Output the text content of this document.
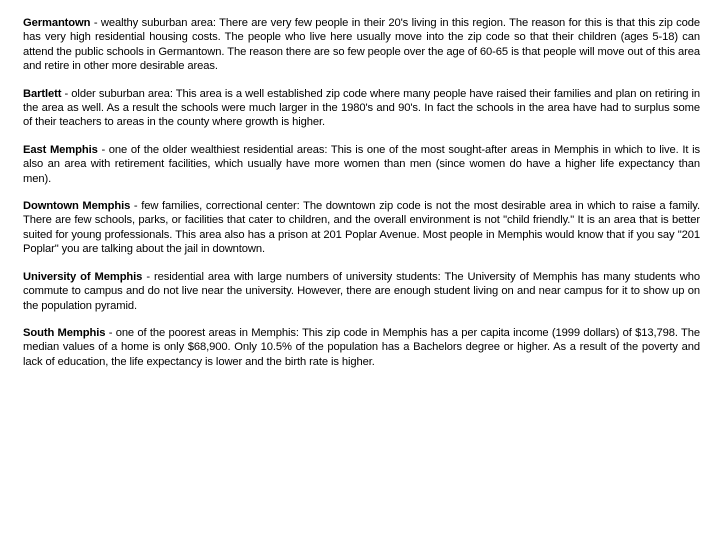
Germantown - wealthy suburban area: There are very few people in their 20's living in this region. The reason for this is that this zip code has very high residential housing costs. The people who live here usually move into the zip code so that their children (ages 5-18) can attend the public schools in Germantown. The reason there are so few people over the age of 60-65 is that people will move out of this area and retire in other more desirable areas.

Bartlett - older suburban area: This area is a well established zip code where many people have raised their families and plan on retiring in the area as well. As a result the schools were much larger in the 1980's and 90's. In fact the schools in the area have had to surplus some of their teachers to areas in the county where growth is higher.

East Memphis - one of the older wealthiest residential areas: This is one of the most sought-after areas in Memphis in which to live. It is also an area with retirement facilities, which usually have more women than men (since women do have a higher life expectancy than men).

Downtown Memphis - few families, correctional center: The downtown zip code is not the most desirable area in which to raise a family. There are few schools, parks, or facilities that cater to children, and the overall environment is not "child friendly." It is an area that is better suited for young professionals. This area also has a prison at 201 Poplar Avenue. Most people in Memphis would know that if you say "201 Poplar" you are talking about the jail in downtown.

University of Memphis - residential area with large numbers of university students: The University of Memphis has many students who commute to campus and do not live near the university. However, there are enough student living on and near campus for it to show up on the population pyramid.

South Memphis - one of the poorest areas in Memphis: This zip code in Memphis has a per capita income (1999 dollars) of $13,798. The median values of a home is only $68,900. Only 10.5% of the population has a Bachelors degree or higher. As a result of the poverty and lack of education, the life expectancy is lower and the birth rate is higher.
